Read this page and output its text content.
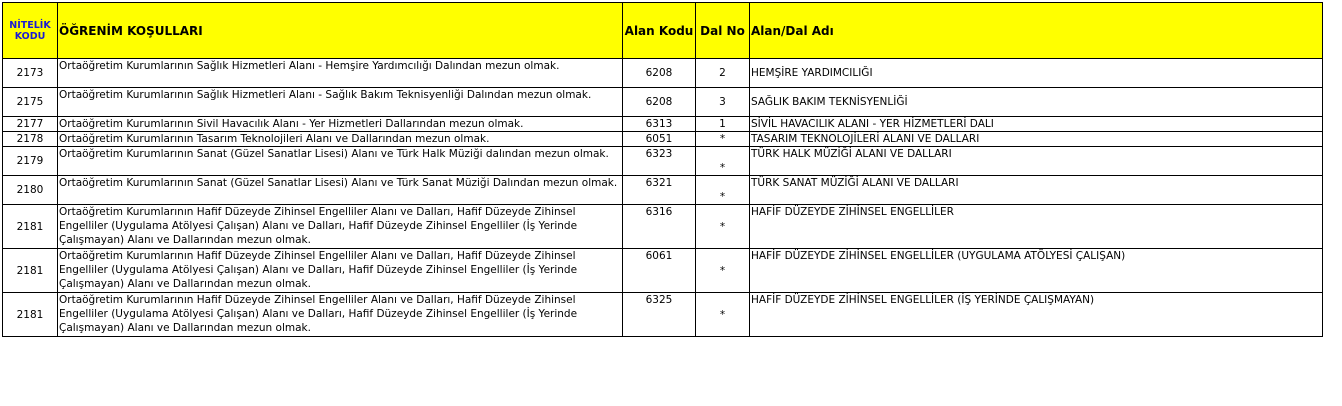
NİTELİK
KODU	ÖĞRENİM KOŞULLARI	Alan Kodu	Dal No	Alan/Dal Adı
2173	Ortaöğretim Kurumlarının Sağlık Hizmetleri Alanı - Hemşire Yardımcılığı Dalından mezun olmak.	6208	2	HEMŞİRE YARDIMCILIĞI
2175	Ortaöğretim Kurumlarının Sağlık Hizmetleri Alanı - Sağlık Bakım Teknisyenliği Dalından mezun olmak.	6208	3	SAĞLIK BAKIM TEKNİSYENLİĞİ
2177	Ortaöğretim Kurumlarının Sivil Havacılık Alanı - Yer Hizmetleri Dallarından mezun olmak.	6313	1	SİVİL HAVACILIK ALANI - YER HİZMETLERİ DALI
2178	Ortaöğretim Kurumlarının Tasarım Teknolojileri Alanı ve Dallarından mezun olmak.	6051	*	TASARIM TEKNOLOJİLERİ ALANI VE DALLARI
2179	Ortaöğretim Kurumlarının Sanat (Güzel Sanatlar Lisesi) Alanı ve Türk Halk Müziği dalından mezun olmak.	6323	*	TÜRK HALK MÜZİĞİ ALANI VE DALLARI
2180	Ortaöğretim Kurumlarının Sanat (Güzel Sanatlar Lisesi) Alanı ve Türk Sanat Müziği Dalından mezun olmak.	6321	*	TÜRK SANAT MÜZİĞİ ALANI VE DALLARI
2181	Ortaöğretim Kurumlarının Hafif Düzeyde Zihinsel Engelliler Alanı ve Dalları, Hafif Düzeyde Zihinsel Engelliler (Uygulama Atölyesi Çalışan) Alanı ve Dalları, Hafif Düzeyde Zihinsel Engelliler (İş Yerinde Çalışmayan) Alanı ve Dallarından mezun olmak.	6316	*	HAFİF DÜZEYDE ZİHİNSEL ENGELLİLER
2181	Ortaöğretim Kurumlarının Hafif Düzeyde Zihinsel Engelliler Alanı ve Dalları, Hafif Düzeyde Zihinsel Engelliler (Uygulama Atölyesi Çalışan) Alanı ve Dalları, Hafif Düzeyde Zihinsel Engelliler (İş Yerinde Çalışmayan) Alanı ve Dallarından mezun olmak.	6061	*	HAFİF DÜZEYDE ZİHİNSEL ENGELLİLER (UYGULAMA ATÖLYESİ ÇALIŞAN)
2181	Ortaöğretim Kurumlarının Hafif Düzeyde Zihinsel Engelliler Alanı ve Dalları, Hafif Düzeyde Zihinsel Engelliler (Uygulama Atölyesi Çalışan) Alanı ve Dalları, Hafif Düzeyde Zihinsel Engelliler (İş Yerinde Çalışmayan) Alanı ve Dallarından mezun olmak.	6325	*	HAFİF DÜZEYDE ZİHİNSEL ENGELLİLER (İŞ YERİNDE ÇALIŞMAYAN)
